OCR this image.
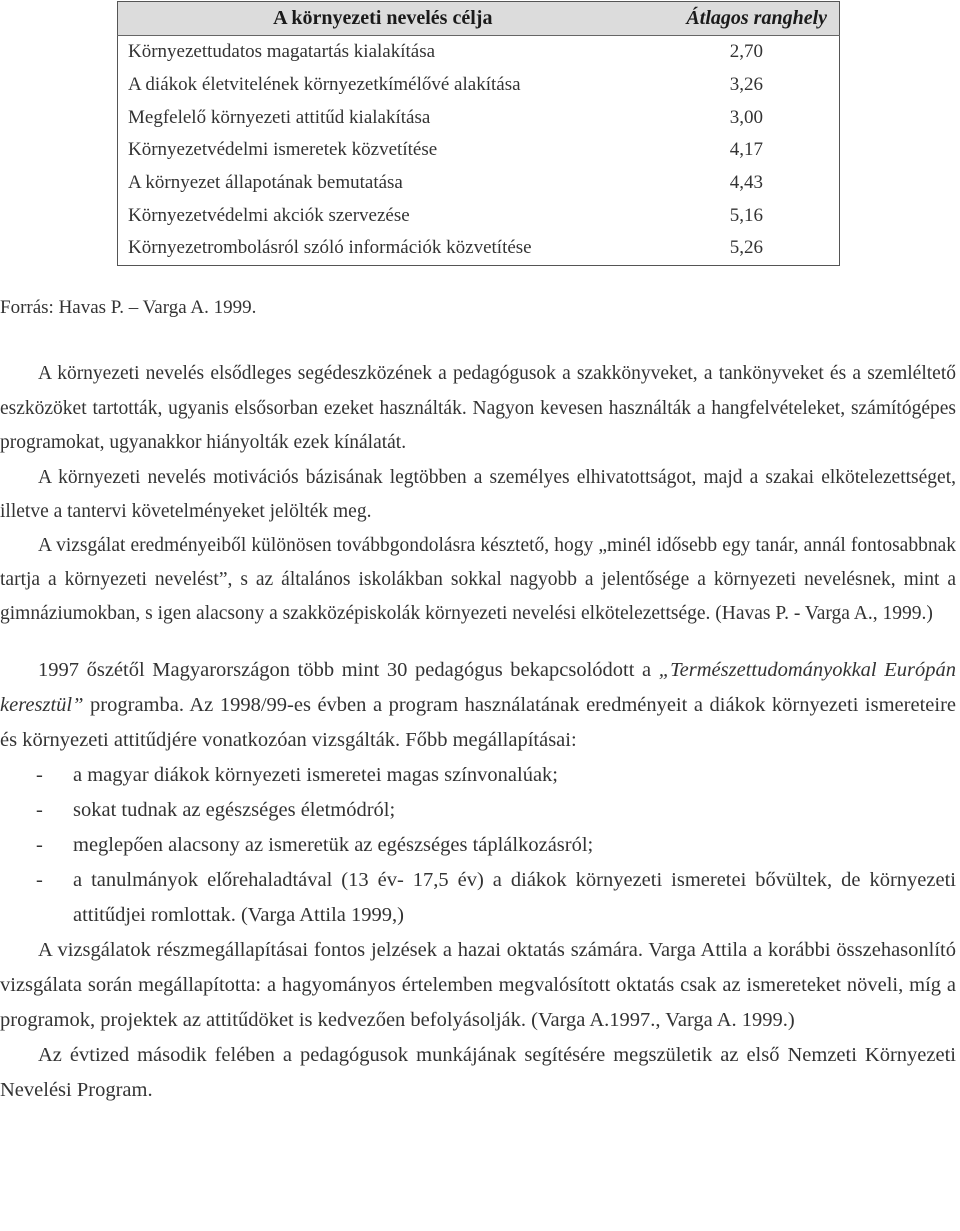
A környezeti nevelés célja	Átlagos ranghely
Környezettudatos magatartás kialakítása	2,70
A diákok életvitelének környezetkímélővé alakítása	3,26
Megfelelő környezeti attitűd kialakítása	3,00
Környezetvédelmi ismeretek közvetítése	4,17
A környezet állapotának bemutatása	4,43
Környezetvédelmi akciók szervezése	5,16
Környezetrombolásról szóló információk közvetítése	5,26
Forrás: Havas P. – Varga A. 1999.

A környezeti nevelés elsődleges segédeszközének a pedagógusok a szakkönyveket, a tankönyveket és a szemléltető eszközöket tartották, ugyanis elsősorban ezeket használták. Nagyon kevesen használták a hangfelvételeket, számítógépes programokat, ugyanakkor hiányolták ezek kínálatát.

A környezeti nevelés motivációs bázisának legtöbben a személyes elhivatottságot, majd a szakai elkötelezettséget, illetve a tantervi követelményeket jelölték meg.

A vizsgálat eredményeiből különösen továbbgondolásra késztető, hogy „minél idősebb egy tanár, annál fontosabbnak tartja a környezeti nevelést”, s az általános iskolákban sokkal nagyobb a jelentősége a környezeti nevelésnek, mint a gimnáziumokban, s igen alacsony a szakközépiskolák környezeti nevelési elkötelezettsége. (Havas P. - Varga A., 1999.)

1997 őszétől Magyarországon több mint 30 pedagógus bekapcsolódott a „Természettudományokkal Európán keresztül” programba. Az 1998/99-es évben a program használatának eredményeit a diákok környezeti ismereteire és környezeti attitűdjére vonatkozóan vizsgálták. Főbb megállapításai:

- a magyar diákok környezeti ismeretei magas színvonalúak;
- sokat tudnak az egészséges életmódról;
- meglepően alacsony az ismeretük az egészséges táplálkozásról;
- a tanulmányok előrehaladtával (13 év- 17,5 év) a diákok környezeti ismeretei bővültek, de környezeti attitűdjei romlottak. (Varga Attila 1999,)

A vizsgálatok részmegállapításai fontos jelzések a hazai oktatás számára. Varga Attila a korábbi összehasonlító vizsgálata során megállapította: a hagyományos értelemben megvalósított oktatás csak az ismereteket növeli, míg a programok, projektek az attitűdöket is kedvezően befolyásolják. (Varga A.1997., Varga A. 1999.)

Az évtized második felében a pedagógusok munkájának segítésére megszületik az első Nemzeti Környezeti Nevelési Program.
